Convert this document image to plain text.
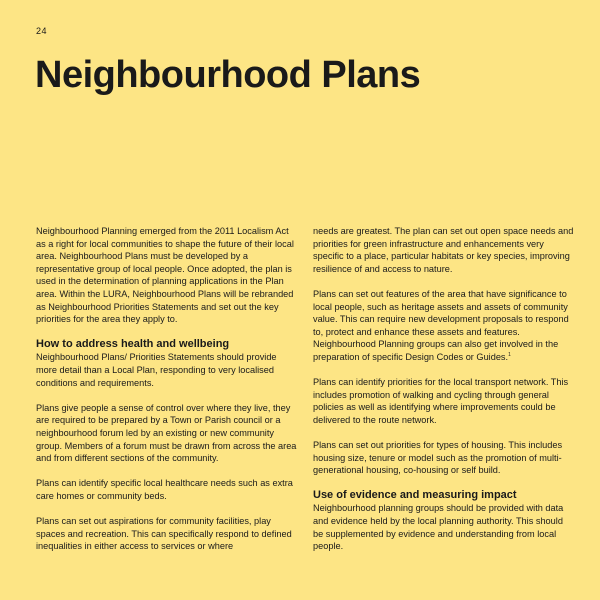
24
Neighbourhood Plans

Neighbourhood Planning emerged from the 2011 Localism Act as a right for local communities to shape the future of their local area. Neighbourhood Plans must be developed by a representative group of local people. Once adopted, the plan is used in the determination of planning applications in the Plan area. Within the LURA, Neighbourhood Plans will be rebranded as Neighbourhood Priorities Statements and set out the key priorities for the area they apply to.

How to address health and wellbeing

Neighbourhood Plans/ Priorities Statements should provide more detail than a Local Plan, responding to very localised conditions and requirements.

Plans give people a sense of control over where they live, they are required to be prepared by a Town or Parish council or a neighbourhood forum led by an existing or new community group. Members of a forum must be drawn from across the area and from different sections of the community.

Plans can identify specific local healthcare needs such as extra care homes or community beds.

Plans can set out aspirations for community facilities, play spaces and recreation. This can specifically respond to defined inequalities in either access to services or where

needs are greatest. The plan can set out open space needs and priorities for green infrastructure and enhancements very specific to a place, particular habitats or key species, improving resilience of and access to nature.

Plans can set out features of the area that have significance to local people, such as heritage assets and assets of community value. This can require new development proposals to respond to, protect and enhance these assets and features. Neighbourhood Planning groups can also get involved in the preparation of specific Design Codes or Guides.$^1$

Plans can identify priorities for the local transport network. This includes promotion of walking and cycling through general policies as well as identifying where improvements could be delivered to the route network.

Plans can set out priorities for types of housing. This includes housing size, tenure or model such as the promotion of multi-generational housing, co-housing or self build.

Use of evidence and measuring impact

Neighbourhood planning groups should be provided with data and evidence held by the local planning authority. This should be supplemented by evidence and understanding from local people.
